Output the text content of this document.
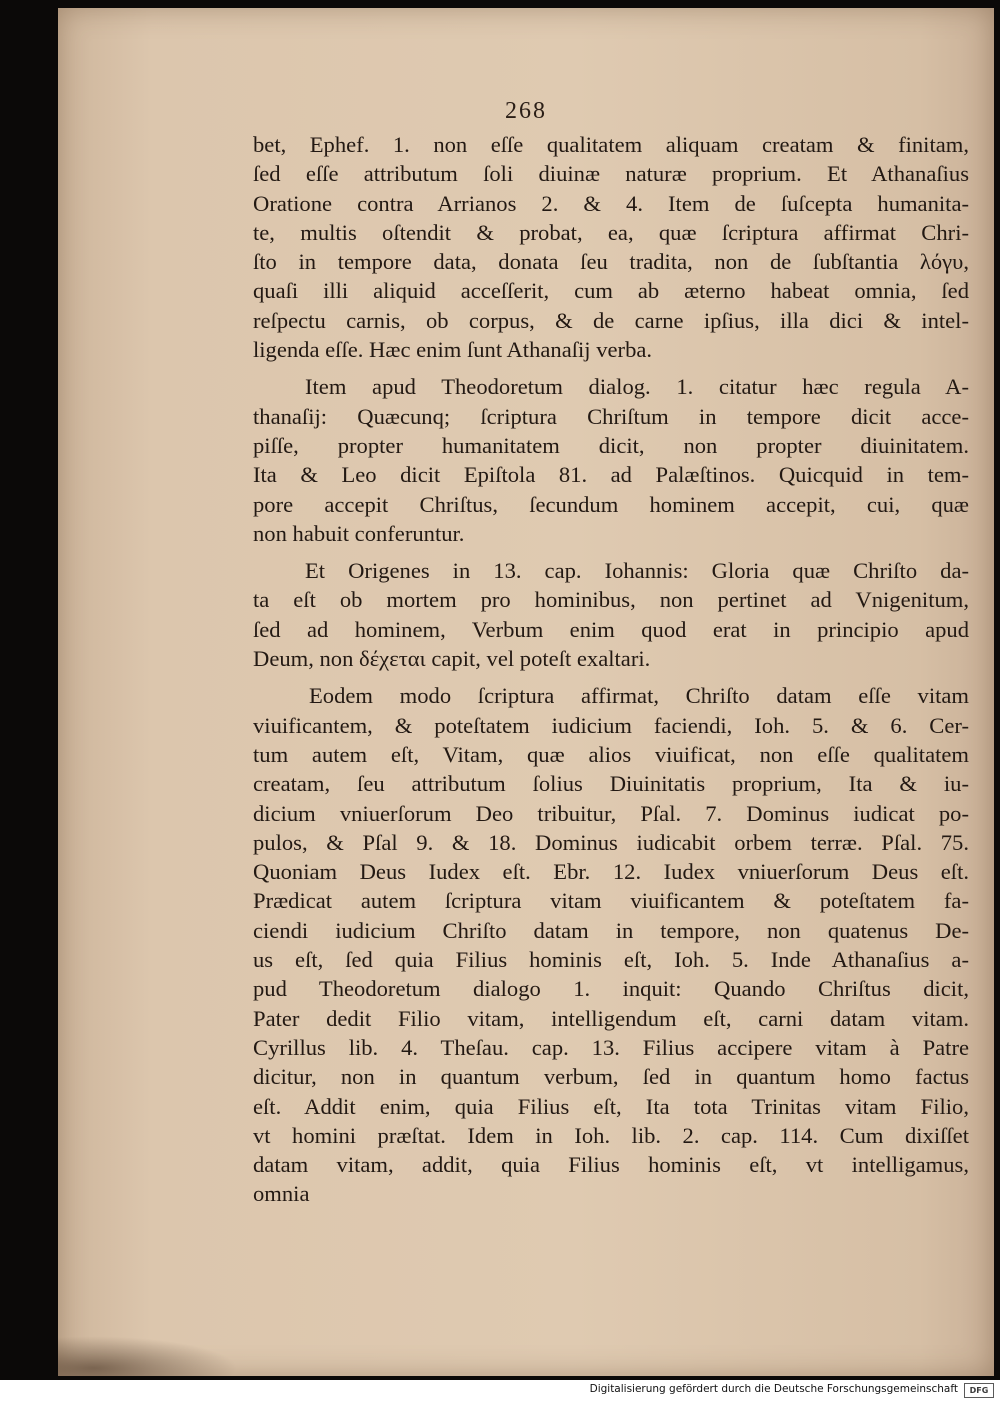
268
bet, Ephef. 1. non eſſe qualitatem aliquam creatam & finitam,
ſed eſſe attributum ſoli diuinæ naturæ proprium. Et Athanaſius
Oratione contra Arrianos 2. & 4. Item de ſuſcepta humanita-
te, multis oſtendit & probat, ea, quæ ſcriptura affirmat Chri-
ſto in tempore data, donata ſeu tradita, non de ſubſtantia λόγυ,
quaſi illi aliquid acceſſerit, cum ab æterno habeat omnia, ſed
reſpectu carnis, ob corpus, & de carne ipſius, illa dici & intel-
ligenda eſſe. Hæc enim ſunt Athanaſij verba.
Item apud Theodoretum dialog. 1. citatur hæc regula A-
thanaſij: Quæcunq; ſcriptura Chriſtum in tempore dicit acce-
piſſe, propter humanitatem dicit, non propter diuinitatem.
Ita & Leo dicit Epiſtola 81. ad Palæſtinos. Quicquid in tem-
pore accepit Chriſtus, ſecundum hominem accepit, cui, quæ
non habuit conferuntur.
Et Origenes in 13. cap. Iohannis: Gloria quæ Chriſto da-
ta eſt ob mortem pro hominibus, non pertinet ad Vnigenitum,
ſed ad hominem, Verbum enim quod erat in principio apud
Deum, non δέχεται capit, vel poteſt exaltari.
Eodem modo ſcriptura affirmat, Chriſto datam eſſe vitam
viuificantem, & poteſtatem iudicium faciendi, Ioh. 5. & 6. Cer-
tum autem eſt, Vitam, quæ alios viuificat, non eſſe qualitatem
creatam, ſeu attributum ſolius Diuinitatis proprium, Ita & iu-
dicium vniuerſorum Deo tribuitur, Pſal. 7. Dominus iudicat po-
pulos, & Pſal 9. & 18. Dominus iudicabit orbem terræ. Pſal. 75.
Quoniam Deus Iudex eſt. Ebr. 12. Iudex vniuerſorum Deus eſt.
Prædicat autem ſcriptura vitam viuificantem & poteſtatem fa-
ciendi iudicium Chriſto datam in tempore, non quatenus De-
us eſt, ſed quia Filius hominis eſt, Ioh. 5. Inde Athanaſius a-
pud Theodoretum dialogo 1. inquit: Quando Chriſtus dicit,
Pater dedit Filio vitam, intelligendum eſt, carni datam vitam.
Cyrillus lib. 4. Theſau. cap. 13. Filius accipere vitam à Patre
dicitur, non in quantum verbum, ſed in quantum homo factus
eſt. Addit enim, quia Filius eſt, Ita tota Trinitas vitam Filio,
vt homini præſtat. Idem in Ioh. lib. 2. cap. 114. Cum dixiſſet
datam vitam, addit, quia Filius hominis eſt, vt intelligamus,
omnia
Digitalisierung gefördert durch die Deutsche Forschungsgemeinschaft	DFG
